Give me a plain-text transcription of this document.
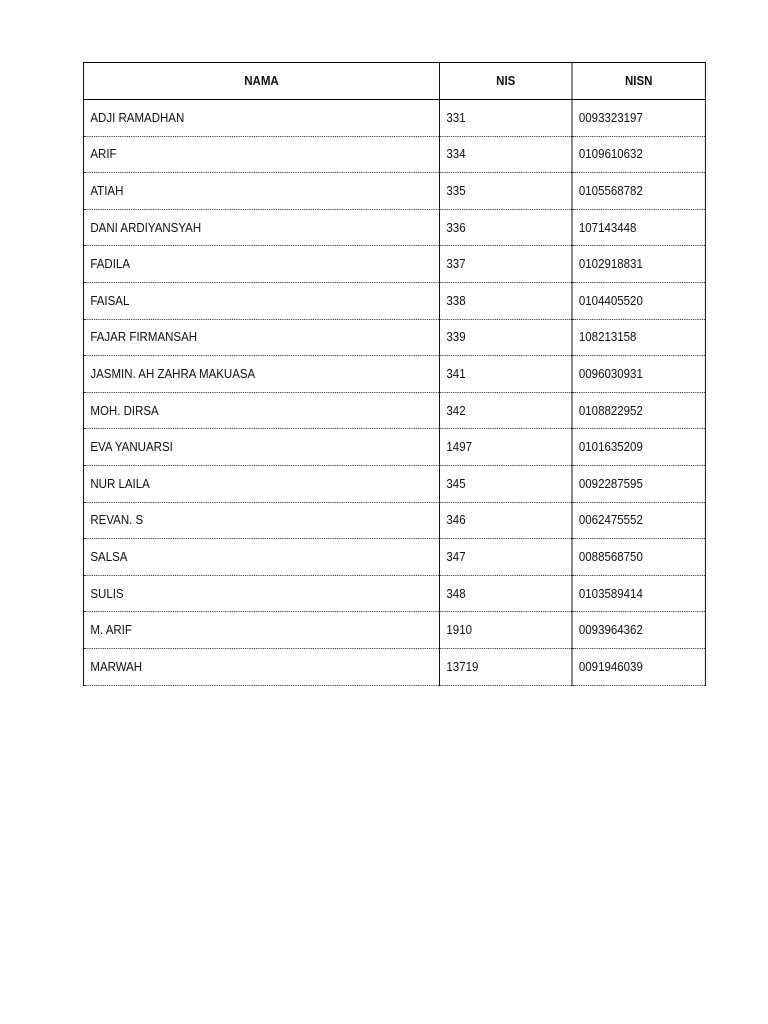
NAMA	NIS	NISN
ADJI RAMADHAN	331	0093323197
ARIF	334	0109610632
ATIAH	335	0105568782
DANI ARDIYANSYAH	336	107143448
FADILA	337	0102918831
FAISAL	338	0104405520
FAJAR FIRMANSAH	339	108213158
JASMIN. AH ZAHRA MAKUASA	341	0096030931
MOH. DIRSA	342	0108822952
EVA YANUARSI	1497	0101635209
NUR LAILA	345	0092287595
REVAN. S	346	0062475552
SALSA	347	0088568750
SULIS	348	0103589414
M. ARIF	1910	0093964362
MARWAH	13719	0091946039
